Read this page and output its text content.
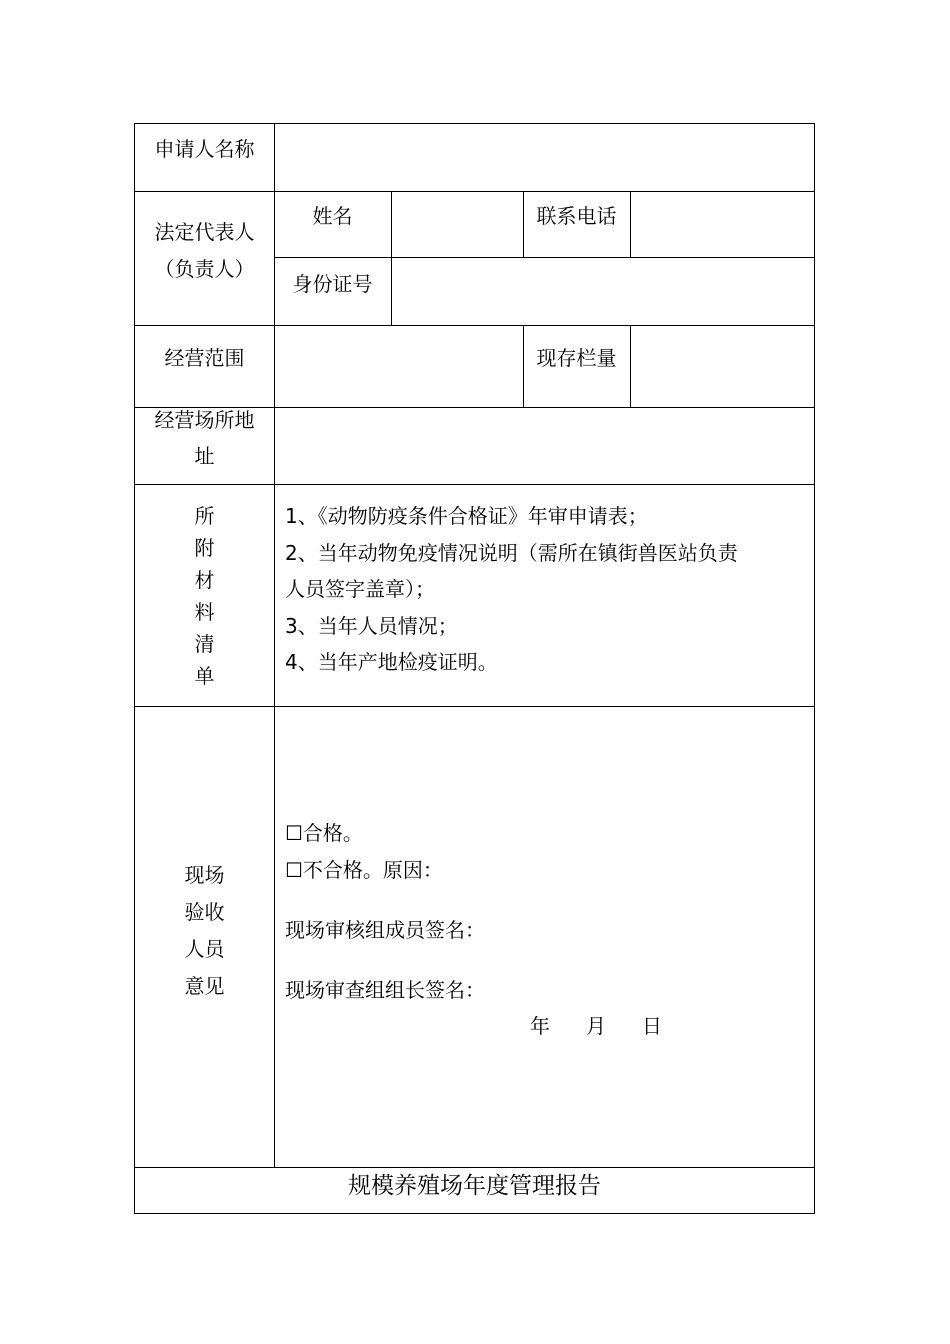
申请人名称
法定代表人
（负责人）
姓名	联系电话
身份证号
经营范围	现存栏量
经营场所地
址
所
附
材
料
清
单
1、《动物防疫条件合格证》年审申请表；
2、当年动物免疫情况说明（需所在镇街兽医站负责
人员签字盖章）；
3、当年人员情况；
4、当年产地检疫证明。
现场
验收
人员
意见
☐合格。
☐不合格。原因：
现场审核组成员签名：
现场审查组组长签名：
年 月 日
规模养殖场年度管理报告
